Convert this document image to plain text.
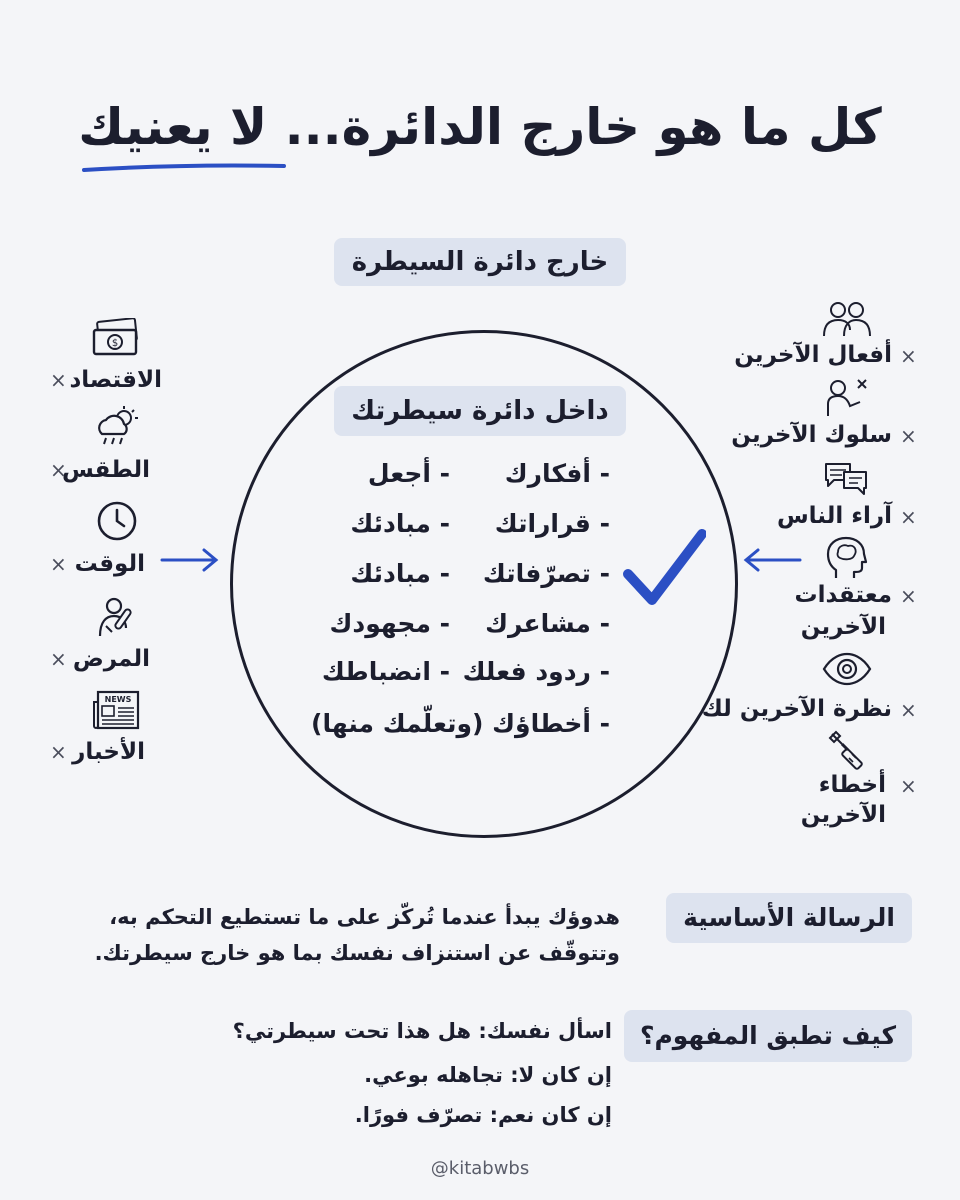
كل ما هو خارج الدائرة... لا يعنيك
خارج دائرة السيطرة
داخل دائرة سيطرتك
- أفكارك
- قراراتك
- تصرّفاتك
- مشاعرك
- ردود فعلك
- أخطاؤك (وتعلّمك منها)
- أجعل
- مبادئك
- مبادئك
- مجهودك
- انضباطك
$
الاقتصاد
×
الطقس
×
الوقت
×
المرض
×
NEWS
الأخبار
×
أفعال الآخرين ×
سلوك الآخرين ×
آراء الناس ×
معتقدات
الآخرين
×
نظرة الآخرين لك ×
أخطاء
الآخرين
×
الرسالة الأساسية
هدوؤك يبدأ عندما تُركّز على ما تستطيع التحكم به،
وتتوقّف عن استنزاف نفسك بما هو خارج سيطرتك.
كيف تطبق المفهوم؟
اسأل نفسك: هل هذا تحت سيطرتي؟
إن كان لا: تجاهله بوعي.
إن كان نعم: تصرّف فورًا.
@kitabwbs
